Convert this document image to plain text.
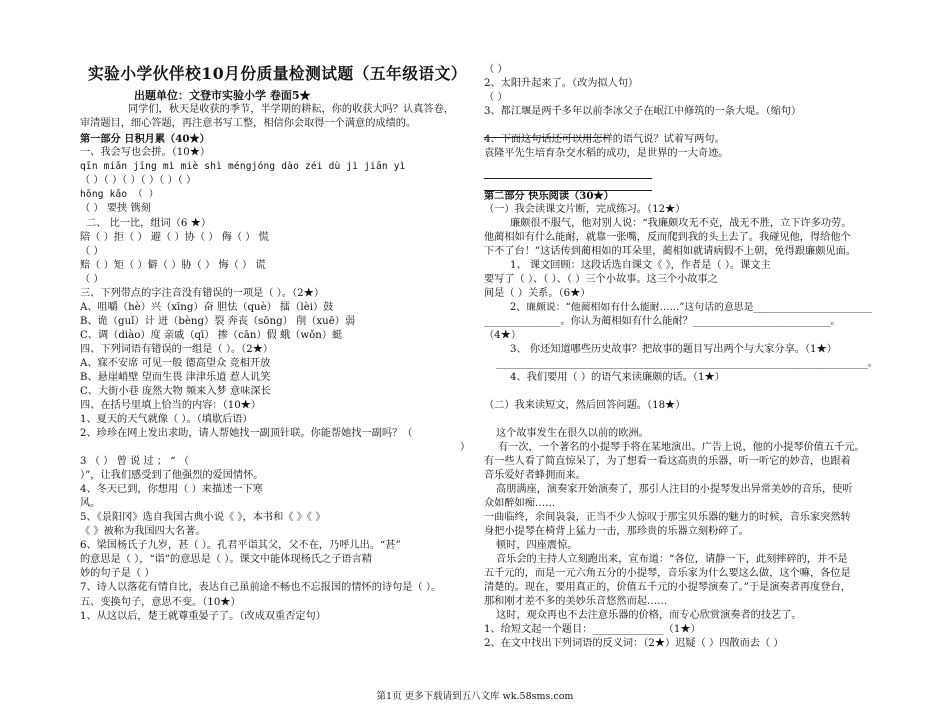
实验小学伙伴校10月份质量检测试题（五年级语文）
出题单位：文登市实验小学 卷面5★
同学们，秋天是收获的季节，半学期的耕耘，你的收获大吗？认真答卷，
审清题目，细心答题，再注意书写工整，相信你会取得一个满意的成绩的。
第一部分 日积月累（40★）
一、我会写也会拼。（10★）
qīn miǎn jīng mì miè shì méngjóng dào zéi dù jì jiān yì
（ ）（ ）（ ）（ ）（ ）（ ）
hōng kǎo （ ）
（ ） 要挟 镌刻
二、 比一比，组词（6 ★）
陪（ ）拒（ ） 避（ ）协（ ） 侮（ ） 慌
（ ）
赔（ ）矩（ ）僻（ ）胁（ ） 悔（ ） 谎
（ ）
三、下列带点的字注音没有错误的一项是（ ）。（2★）
A、咀嚼（hè）兴（xīng）奋 胆怯（què） 擂（lèi）鼓
B、诡（guǐ）计 迸（bèng）裂 奔丧（sōng） 削（xuē）弱
C、调（diào）度 亲戚（qī） 掺（cān）假 蛾（wǒn）蜓
四、下列词语有错误的一组是（ ）。（2★）
A、寐不安席 可见一般 德高望众 竞相开放
B、悬崖峭壁 望而生畏 津津乐道 惹人讥笑
C、大街小巷 庞然大物 频来入梦 意味深长
四、在括号里填上恰当的内容：（10★）
1、夏天的天气就像（ ）。（填歇后语）
2、珍珍在网上发出求助，请人帮她找一副顶针联。你能帮她找一副吗？（
）
3 （ ） 曾 说 过 ； “ （
）”，让我们感受到了他强烈的爱国情怀。
4、冬天已到，你想用（ ）来描述一下寒
风。
5、《景阳冈》选自我国古典小说《 》，本书和《 》《 》
《 》被称为我国四大名著。
6、梁国杨氏子九岁，甚（ ）。孔君平诣其父，父不在，乃呼儿出。“甚”
的意思是（ ），“诣”的意思是（ ）。课文中能体现杨氏之子语言精
妙的句子是（ ）
7、诗人以落花有情自比，表达自己虽前途不畅也不忘报国的情怀的诗句是（ ）。
五、变换句子，意思不变。（10★）
1、从这以后，楚王就尊重晏子了。（改成双重否定句）
（ ）
2、太阳升起来了。（改为拟人句）
（ ）
3、都江堰是两千多年以前李冰父子在岷江中修筑的一条大堤。（缩句）
4、下面这句话还可以用怎样的语气说？试着写两句。
袁隆平先生培育杂交水稻的成功，是世界的一大奇迹。
第二部分 快乐阅读（30★）
（一）我会读课文片断，完成练习。（12★）
廉颇很不服气，他对别人说：“我廉颇攻无不克，战无不胜，立下许多功劳。
他蔺相如有什么能耐，就靠一张嘴，反而爬到我的头上去了。我碰见他，得给他个
下不了台！”这话传到蔺相如的耳朵里，蔺相如就请病假不上朝，免得跟廉颇见面。
1、 课文回顾：这段话选自课文《 》，作者是（ ）。课文主
要写了（ ）、（ ）、（ ）三个小故事。这三个小故事之
间是（ ）关系。（6★）
2、廉颇说：“他蔺相如有什么能耐……”这句话的意思是________________________
_______________。你认为蔺相如有什么能耐？___________________________。
（4★）
3、 你还知道哪些历史故事？把故事的题目写出两个与大家分享。（1★）
_________________________________________________________________________。
4、我们要用（ ）的语气来读廉颇的话。（1★）
（二）我来读短文，然后回答问题。（18★）
这个故事发生在很久以前的欧洲。
有一次，一个著名的小提琴手将在某地演出。广告上说，他的小提琴价值五千元。
有一些人看了简直惊呆了，为了想看一看这高贵的乐器，听一听它的妙音，也跟着
音乐爱好者蜂拥而来。
高朋满座，演奏家开始演奏了，那引人注目的小提琴发出异常美妙的音乐，使听
众如醉如痴……
一曲临终，余间袅袅，正当不少人惊叹于那宝贝乐器的魅力的时候，音乐家突然转
身把小提琴在椅背上猛力一击，那珍贵的乐器立刻粉碎了。
顿时，四座震惊。
音乐会的主持人立刻跑出来，宣布道：“各位，请静一下，此刻摔碎的，并不是
五千元的，而是一元六角五分的小提琴，音乐家为什么要这么做，这个嘛，各位是
清楚的。现在，要用真正的，价值五千元的小提琴演奏了。”于是演奏者再度登台，
那和刚才差不多的美妙乐音悠然而起……
这时，观众再也不去注意乐器的价格，而专心欣赏演奏者的技艺了。
1、给短文起一个题目：______________（1★）
2、在文中找出下列词语的反义词：（2★）迟疑（ ）四散而去（ ）
第1页 更多下载请到五八文库 wk.58sms.com
